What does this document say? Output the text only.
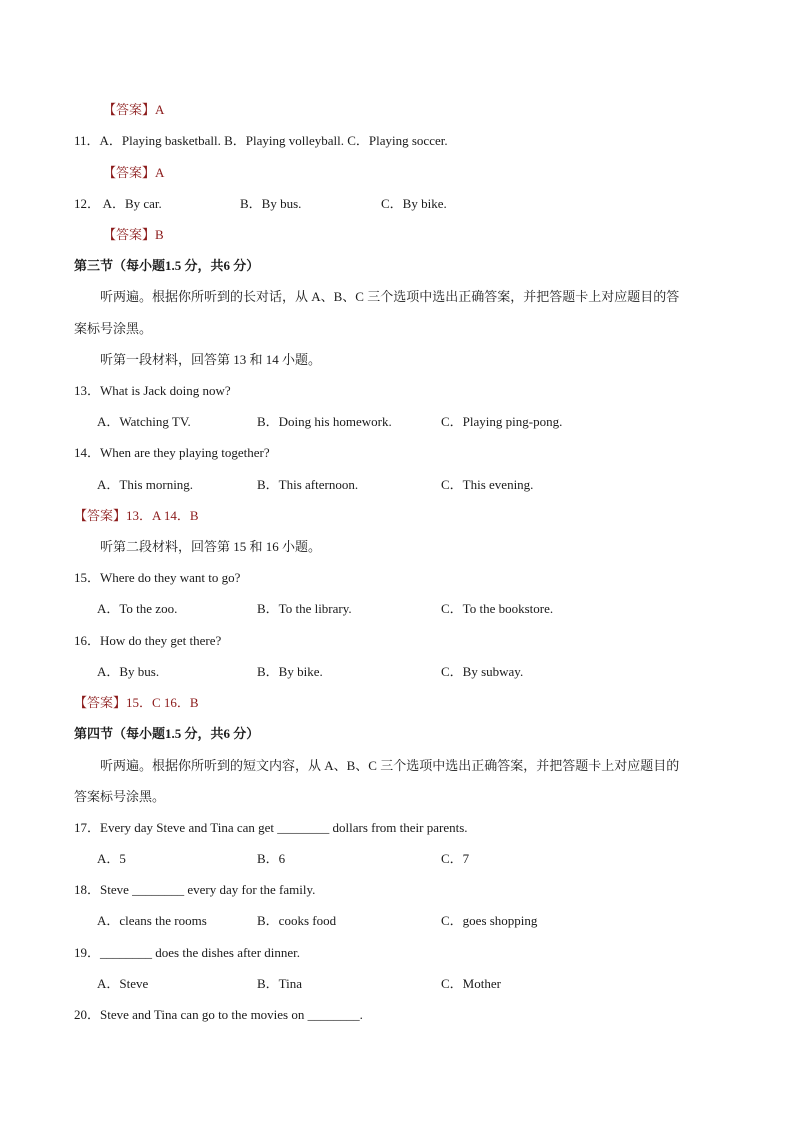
【答案】A
11．A．Playing basketball. B．Playing volleyball. C．Playing soccer.
【答案】A
12． A．By car.	B．By bus.	C．By bike.
【答案】B
第三节（每小题1.5 分，共6 分）
听两遍。根据你所听到的长对话，从 A、B、C 三个选项中选出正确答案，并把答题卡上对应题目的答
案标号涂黑。
听第一段材料，回答第 13 和 14 小题。
13．What is Jack doing now?
A．Watching TV.	B．Doing his homework.	C．Playing ping-pong.
14．When are they playing together?
A．This morning.	B．This afternoon.	C．This evening.
【答案】13．A 14．B
听第二段材料，回答第 15 和 16 小题。
15．Where do they want to go?
A．To the zoo.	B．To the library.	C．To the bookstore.
16．How do they get there?
A．By bus.	B．By bike.	C．By subway.
【答案】15．C 16．B
第四节（每小题1.5 分，共6 分）
听两遍。根据你所听到的短文内容，从 A、B、C 三个选项中选出正确答案，并把答题卡上对应题目的
答案标号涂黑。
17．Every day Steve and Tina can get ________ dollars from their parents.
A．5	B．6	C．7
18．Steve ________ every day for the family.
A．cleans the rooms	B．cooks food	C．goes shopping
19．________ does the dishes after dinner.
A．Steve	B．Tina	C．Mother
20．Steve and Tina can go to the movies on ________.
